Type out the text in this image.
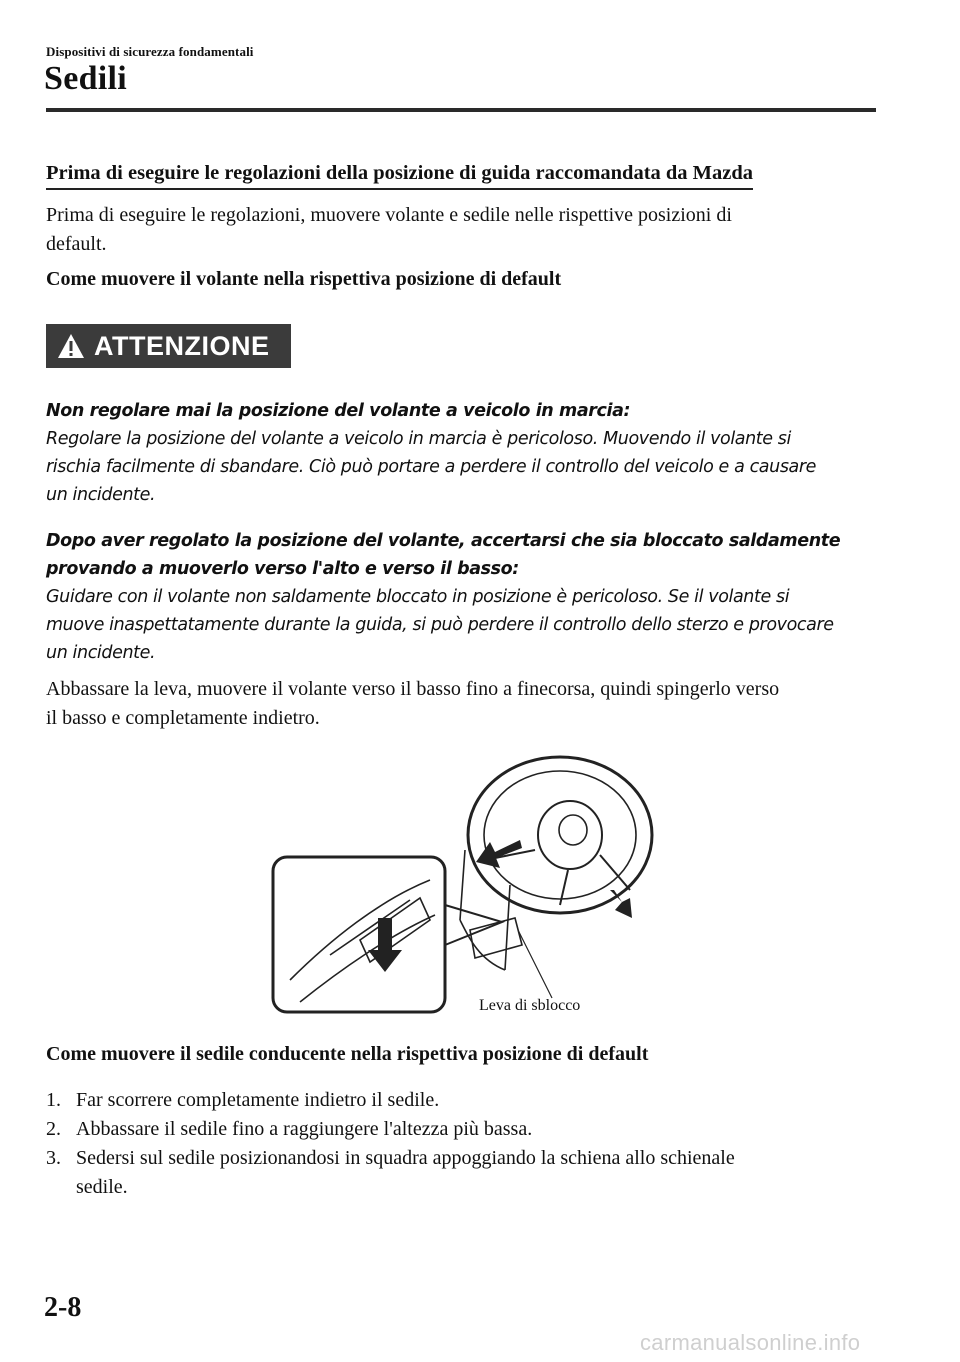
Dispositivi di sicurezza fondamentali
Sedili
Prima di eseguire le regolazioni della posizione di guida raccomandata da Mazda
Prima di eseguire le regolazioni, muovere volante e sedile nelle rispettive posizioni di
default.
Come muovere il volante nella rispettiva posizione di default
ATTENZIONE
Non regolare mai la posizione del volante a veicolo in marcia:
Regolare la posizione del volante a veicolo in marcia è pericoloso. Muovendo il volante si
rischia facilmente di sbandare. Ciò può portare a perdere il controllo del veicolo e a causare
un incidente.
Dopo aver regolato la posizione del volante, accertarsi che sia bloccato saldamente
provando a muoverlo verso l'alto e verso il basso:
Guidare con il volante non saldamente bloccato in posizione è pericoloso. Se il volante si
muove inaspettatamente durante la guida, si può perdere il controllo dello sterzo e provocare
un incidente.
Abbassare la leva, muovere il volante verso il basso fino a finecorsa, quindi spingerlo verso
il basso e completamente indietro.
Leva di sblocco
Come muovere il sedile conducente nella rispettiva posizione di default
1. Far scorrere completamente indietro il sedile.
2. Abbassare il sedile fino a raggiungere l'altezza più bassa.
3. Sedersi sul sedile posizionandosi in squadra appoggiando la schiena allo schienale
sedile.
2-8
carmanualsonline.info
